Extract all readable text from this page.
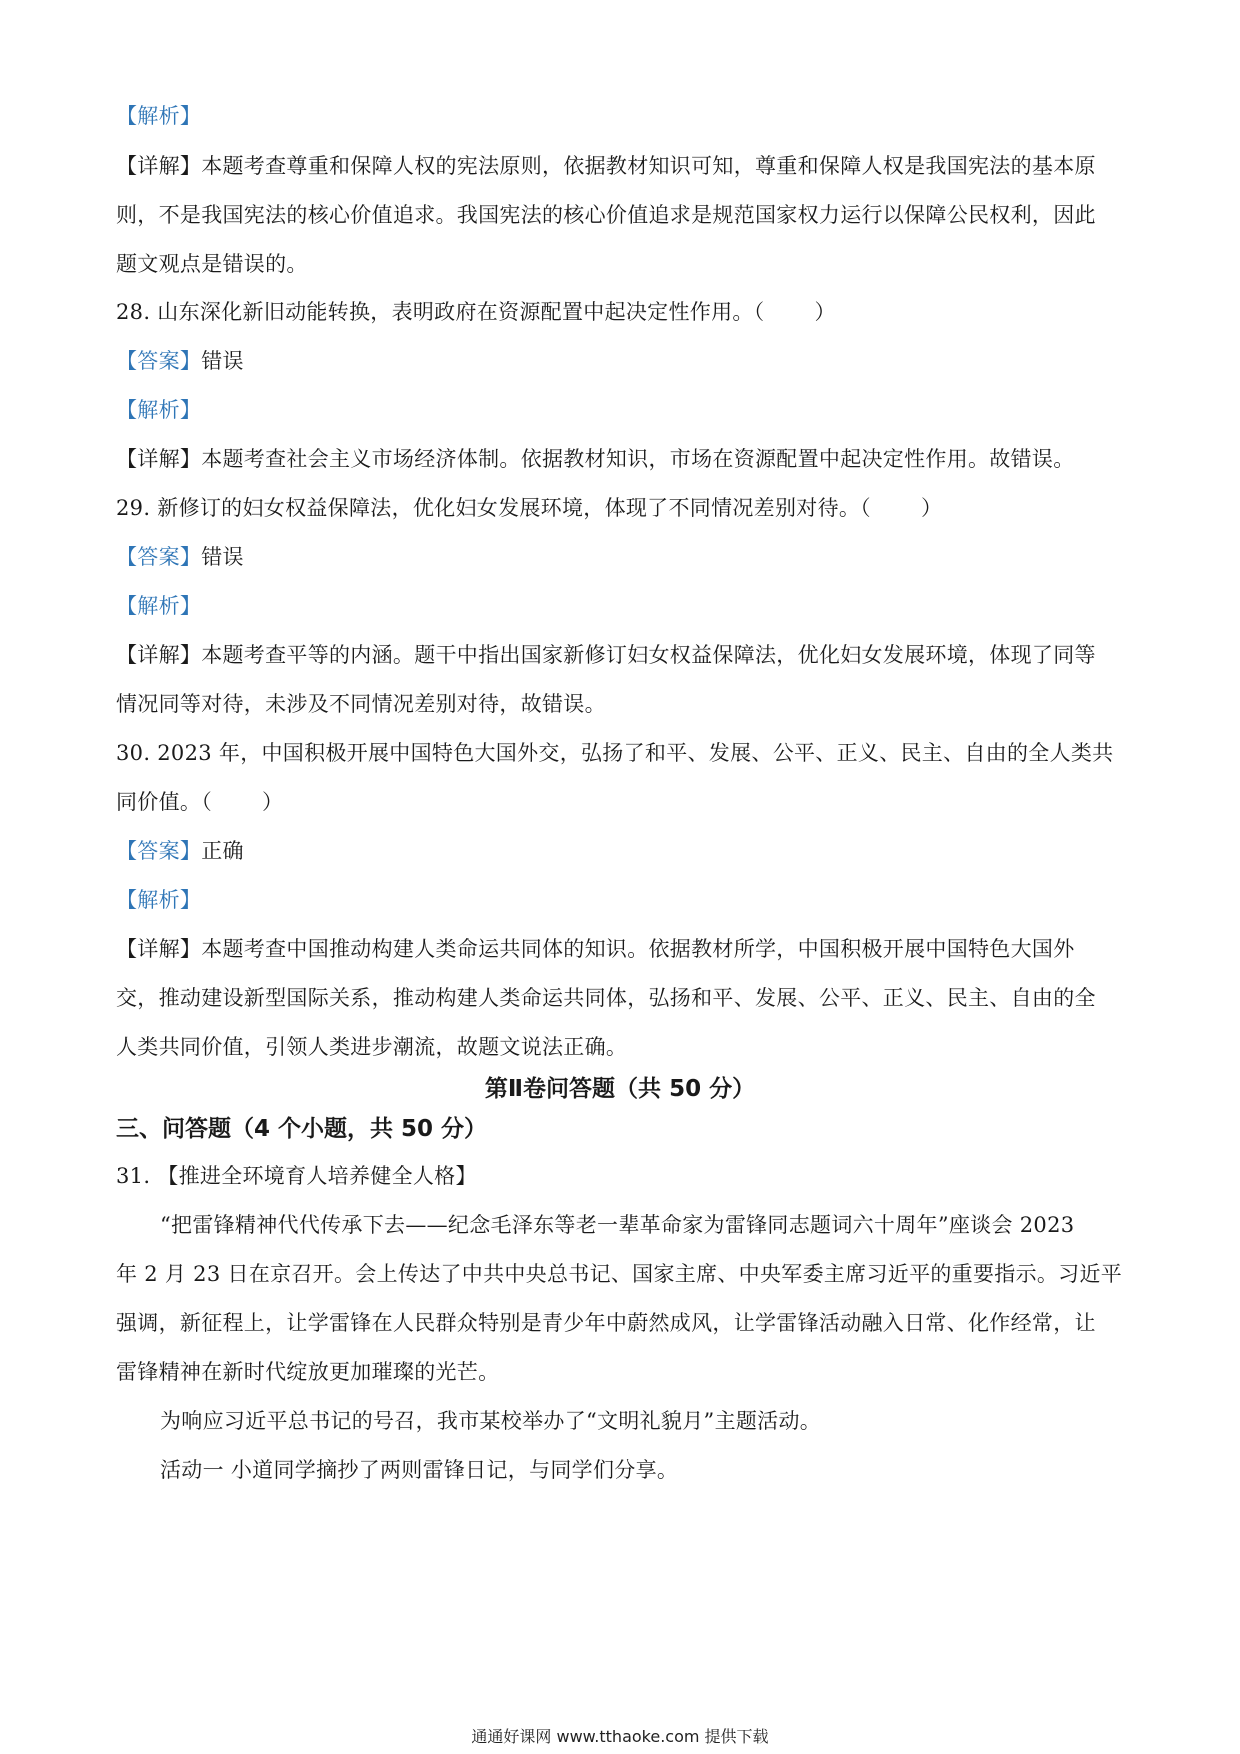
【解析】
【详解】本题考查尊重和保障人权的宪法原则，依据教材知识可知，尊重和保障人权是我国宪法的基本原
则，不是我国宪法的核心价值追求。我国宪法的核心价值追求是规范国家权力运行以保障公民权利，因此
题文观点是错误的。
28. 山东深化新旧动能转换，表明政府在资源配置中起决定性作用。（ ）
【答案】错误
【解析】
【详解】本题考查社会主义市场经济体制。依据教材知识，市场在资源配置中起决定性作用。故错误。
29. 新修订的妇女权益保障法，优化妇女发展环境，体现了不同情况差别对待。（ ）
【答案】错误
【解析】
【详解】本题考查平等的内涵。题干中指出国家新修订妇女权益保障法，优化妇女发展环境，体现了同等
情况同等对待，未涉及不同情况差别对待，故错误。
30. 2023 年，中国积极开展中国特色大国外交，弘扬了和平、发展、公平、正义、民主、自由的全人类共
同价值。（ ）
【答案】正确
【解析】
【详解】本题考查中国推动构建人类命运共同体的知识。依据教材所学，中国积极开展中国特色大国外
交，推动建设新型国际关系，推动构建人类命运共同体，弘扬和平、发展、公平、正义、民主、自由的全
人类共同价值，引领人类进步潮流，故题文说法正确。
第Ⅱ卷问答题（共 50 分）
三、问答题（4 个小题，共 50 分）
31. 【推进全环境育人培养健全人格】
“把雷锋精神代代传承下去——纪念毛泽东等老一辈革命家为雷锋同志题词六十周年”座谈会 2023
年 2 月 23 日在京召开。会上传达了中共中央总书记、国家主席、中央军委主席习近平的重要指示。习近平
强调，新征程上，让学雷锋在人民群众特别是青少年中蔚然成风，让学雷锋活动融入日常、化作经常，让
雷锋精神在新时代绽放更加璀璨的光芒。
为响应习近平总书记的号召，我市某校举办了“文明礼貌月”主题活动。
活动一 小道同学摘抄了两则雷锋日记，与同学们分享。
通通好课网 www.tthaoke.com 提供下载
